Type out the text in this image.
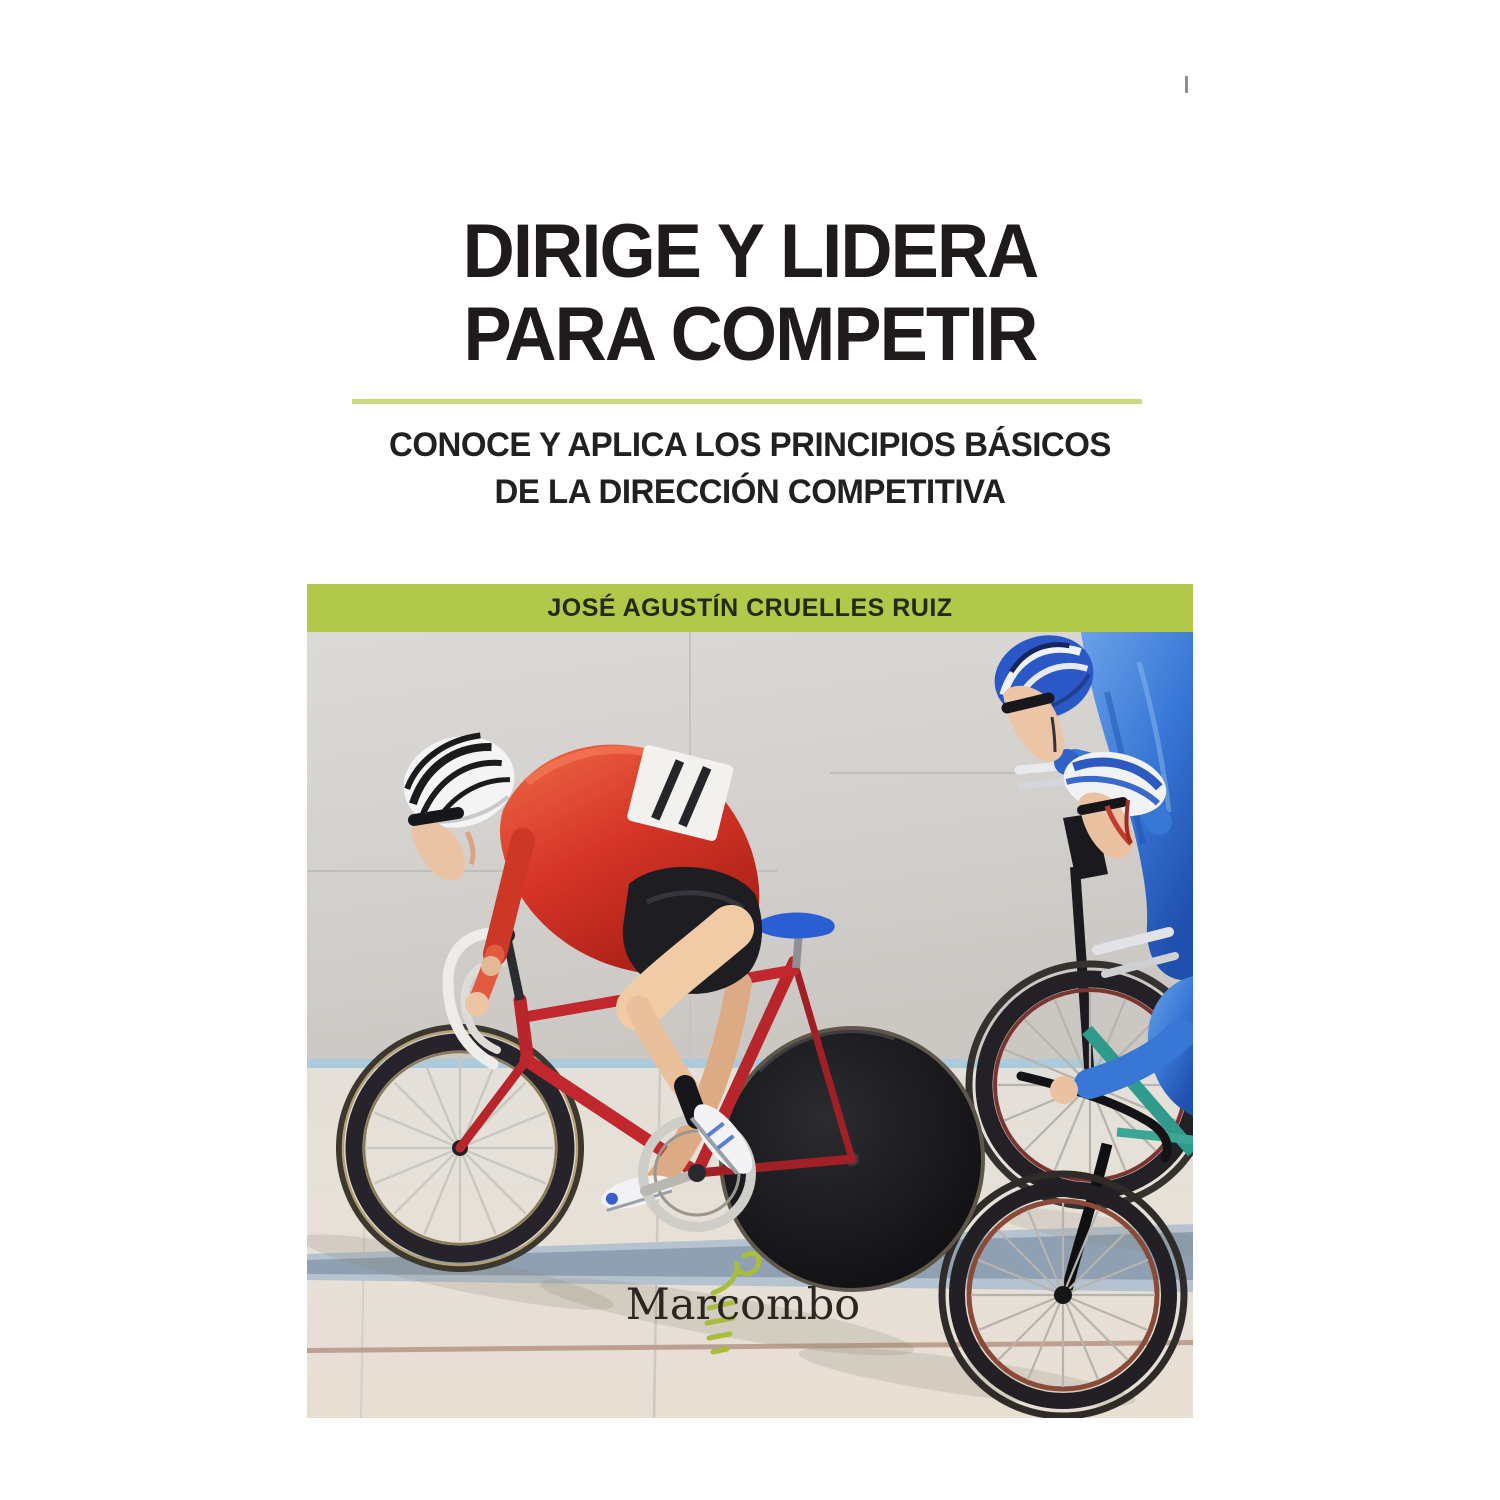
DIRIGE Y LIDERA
PARA COMPETIR
CONOCE Y APLICA LOS PRINCIPIOS BÁSICOS
DE LA DIRECCIÓN COMPETITIVA
JOSÉ AGUSTÍN CRUELLES RUIZ
Marcombo
